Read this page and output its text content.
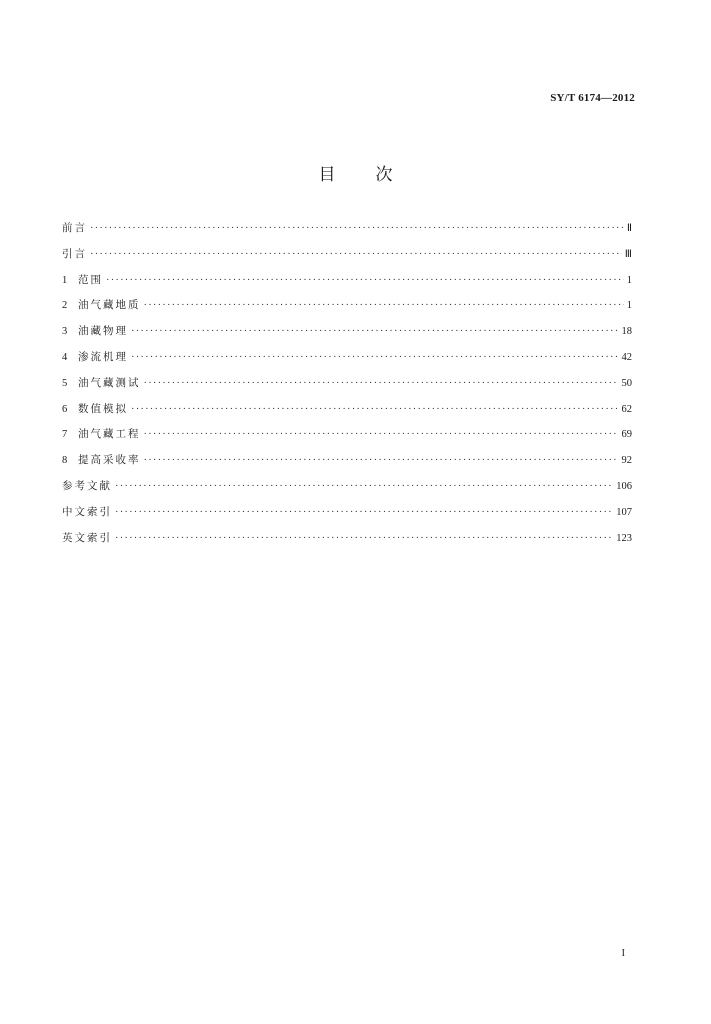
SY/T 6174—2012
目 次
前言 ·····	Ⅱ
引言 ·····	Ⅲ
1	范围 ·····	1
2	油气藏地质 ·····	1
3	油藏物理 ·····	18
4	渗流机理 ·····	42
5	油气藏测试 ·····	50
6	数值模拟 ·····	62
7	油气藏工程 ·····	69
8	提高采收率 ·····	92
参考文献 ·····	106
中文索引 ·····	107
英文索引 ·····	123
I
